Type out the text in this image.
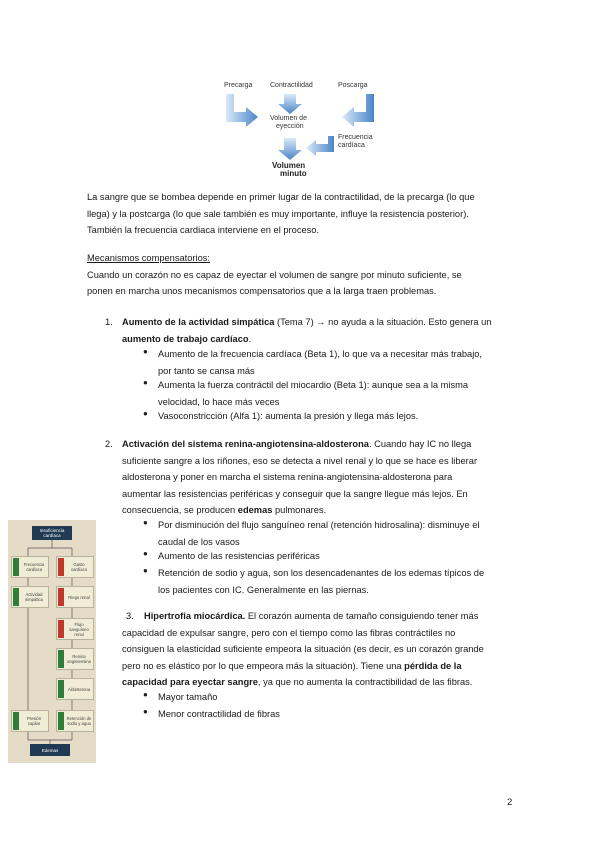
Precarga	Contractilidad	Poscarga
Volumen de
eyección
Frecuencia
cardíaca
Volumen
minuto
La sangre que se bombea depende en primer lugar de la contractilidad, de la precarga (lo que
llega) y la postcarga (lo que sale también es muy importante, influye la resistencia posterior).
También la frecuencia cardiaca interviene en el proceso.
Mecanismos compensatorios:
Cuando un corazón no es capaz de eyectar el volumen de sangre por minuto suficiente, se
ponen en marcha unos mecanismos compensatorios que a la larga traen problemas.
1. Aumento de la actividad simpática (Tema 7) → no ayuda a la situación. Esto genera un
aumento de trabajo cardíaco.
● Aumento de la frecuencia cardíaca (Beta 1), lo que va a necesitar más trabajo,
por tanto se cansa más
● Aumenta la fuerza contráctil del miocardio (Beta 1): aunque sea a la misma
velocidad, lo hace más veces
● Vasoconstricción (Alfa 1): aumenta la presión y llega más lejos.
2. Activación del sistema renina-angiotensina-aldosterona. Cuando hay IC no llega
suficiente sangre a los riñones, eso se detecta a nivel renal y lo que se hace es liberar
aldosterona y poner en marcha el sistema renina-angiotensina-aldosterona para
aumentar las resistencias periféricas y conseguir que la sangre llegue más lejos. En
consecuencia, se producen edemas pulmonares.
● Por disminución del flujo sanguíneo renal (retención hidrosalina): disminuye el
caudal de los vasos
● Aumento de las resistencias periféricas
● Retención de sodio y agua, son los desencadenantes de los edemas típicos de
los pacientes con IC. Generalmente en las piernas.
3.	Hipertrofia miocárdica. El corazón aumenta de tamaño consiguiendo tener más
capacidad de expulsar sangre, pero con el tiempo como las fibras contráctiles no
consiguen la elasticidad suficiente empeora la situación (es decir, es un corazón grande
pero no es elástico por lo que empeora más la situación). Tiene una pérdida de la
capacidad para eyectar sangre, ya que no aumenta la contractibilidad de las fibras.
● Mayor tamaño
● Menor contractilidad de fibras
Insuficiencia cardíaca
Frecuencia cardíaca
Gasto cardíaco
Actividad simpática	Riego renal
Flujo sanguíneo renal
Renina angiotensina
Aldosterona
Presión capilar
Retención de sodio y agua
Edemas
2
